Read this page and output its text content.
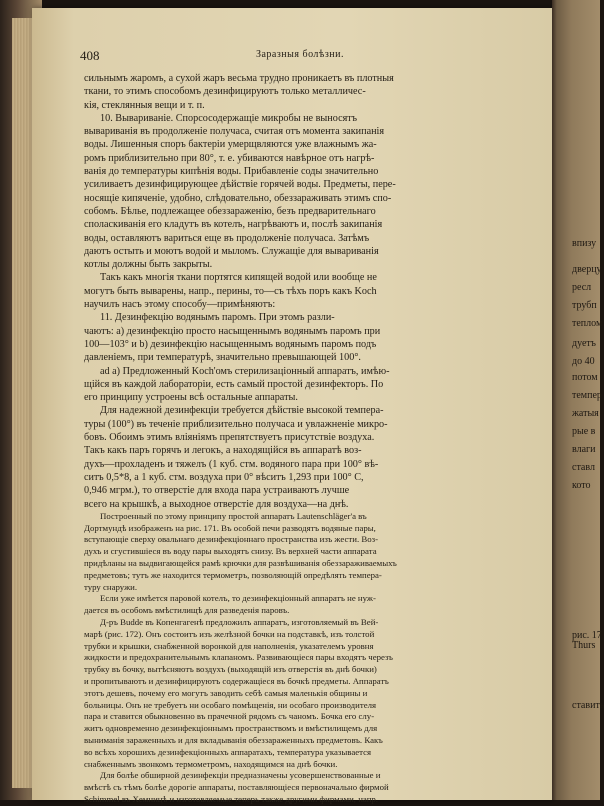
408	Заразныя болѣзни.
сильнымъ жаромъ, а сухой жаръ весьма трудно проникаетъ въ плотныя
ткани, то этимъ способомъ дезинфицируютъ только металличес-
кія, стеклянныя вещи и т. п.
10. Вывариваніе. Спорсосодержащіе микробы не выносятъ
вывариванія въ продолженіе получаса, считая отъ момента закипанія
воды. Лишенныя споръ бактеріи умерщвляются уже влажнымъ жа-
ромъ приблизительно при 80°, т. е. убиваются навѣрное отъ нагрѣ-
ванія до температуры кипѣнія воды. Прибавленіе соды значительно
усиливаетъ дезинфицирующее дѣйствіе горячей воды. Предметы, пере-
носящіе кипяченіе, удобно, слѣдовательно, обеззараживать этимъ спо-
собомъ. Бѣлье, подлежащее обеззараженію, безъ предварительнаго
споласкиванія его кладутъ въ котелъ, нагрѣваютъ и, послѣ закипанія
воды, оставляютъ вариться еще въ продолженіе получаса. Затѣмъ
даютъ остыть и моютъ водой и мыломъ. Служащіе для вывариванія
котлы должны быть закрыты.
Такъ какъ многія ткани портятся кипящей водой или вообще не
могутъ быть выварены, напр., перины, то—съ тѣхъ поръ какъ Koch
научилъ насъ этому способу—примѣняютъ:
11. Дезинфекцію водянымъ паромъ. При этомъ разли-
чаютъ: a) дезинфекцію просто насыщеннымъ водянымъ паромъ при
100—103° и b) дезинфекцію насыщеннымъ водянымъ паромъ подъ
давленіемъ, при температурѣ, значительно превышающей 100°.
ad a) Предложенный Koch'омъ стерилизаціонный аппаратъ, имѣю-
щійся въ каждой лабораторіи, есть самый простой дезинфекторъ. По
его принципу устроены всѣ остальные аппараты.
Для надежной дезинфекціи требуется дѣйствіе высокой темпера-
туры (100°) въ теченіе приблизительно получаса и увлажненіе микро-
бовъ. Обоимъ этимъ вліяніямъ препятствуетъ присутствіе воздуха.
Такъ какъ паръ горячъ и легокъ, а находящійся въ аппаратѣ воз-
духъ—прохладенъ и тяжелъ (1 куб. стм. водяного пара при 100° вѣ-
ситъ 0,5*8, а 1 куб. стм. воздуха при 0° вѣситъ 1,293 при 100° C,
0,946 мгрм.), то отверстіе для входа пара устраиваютъ лучше
всего на крышкѣ, а выходное отверстіе для воздуха—на днѣ.
Построенный по этому принципу простой аппаратъ Lautenschläger'а въ
Дортмундѣ изображенъ на рис. 171. Въ особой печи разводятъ водяные пары,
вступающіе сверху овальнаго дезинфекціоннаго пространства изъ жести. Воз-
духъ и сгустившіеся въ воду пары выходятъ снизу. Въ верхней части аппарата
придѣланы на выдвигающейся рамѣ крючки для развѣшиванія обеззараживаемыхъ
предметовъ; тутъ же находится термометръ, позволяющій опредѣлять темпера-
туру снаружи.
Если уже имѣется паровой котелъ, то дезинфекціонный аппаратъ не нуж-
дается въ особомъ вмѣстилищѣ для разведенія паровъ.
Д-ръ Budde въ Копенгагенѣ предложилъ аппаратъ, изготовляемый въ Вей-
марѣ (рис. 172). Онъ состоитъ изъ желѣзной бочки на подставкѣ, изъ толстой
трубки и крышки, снабженной воронкой для наполненія, указателемъ уровня
жидкости и предохранительнымъ клапаномъ. Развивающіеся пары входятъ черезъ
трубку въ бочку, вытѣсняютъ воздухъ (выходящій изъ отверстія въ днѣ бочки)
и пропитываютъ и дезинфицируютъ содержащіеся въ бочкѣ предметы. Аппаратъ
этотъ дешевъ, почему его могутъ заводить себѣ самыя маленькія общины и
больницы. Онъ не требуетъ ни особаго помѣщенія, ни особаго производителя
пара и ставится обыкновенно въ прачечной рядомъ съ чаномъ. Бочка его слу-
житъ одновременно дезинфекціоннымъ пространствомъ и вмѣстилищемъ для
выниманія зараженныхъ и для вкладыванія обеззараженныхъ предметовъ. Какъ
во всѣхъ хорошихъ дезинфекціонныхъ аппаратахъ, температура указывается
снабженнымъ звонкомъ термометромъ, находящимся на днѣ бочки.
Для болѣе обширной дезинфекціи предназначены усовершенствованные и
вмѣстѣ съ тѣмъ болѣе дорогіе аппараты, поставляющіеся первоначально фирмой
Schimmel въ Хемницѣ и изготовляемые теперь также другими фирмами, напр.
впизу
дверцу
ресл
трубп
теплом
дуетъ
до 40
потом
темпер
жатыя
рые в
влаги
ставл
кото
рис. 17
Thurs
ставить
